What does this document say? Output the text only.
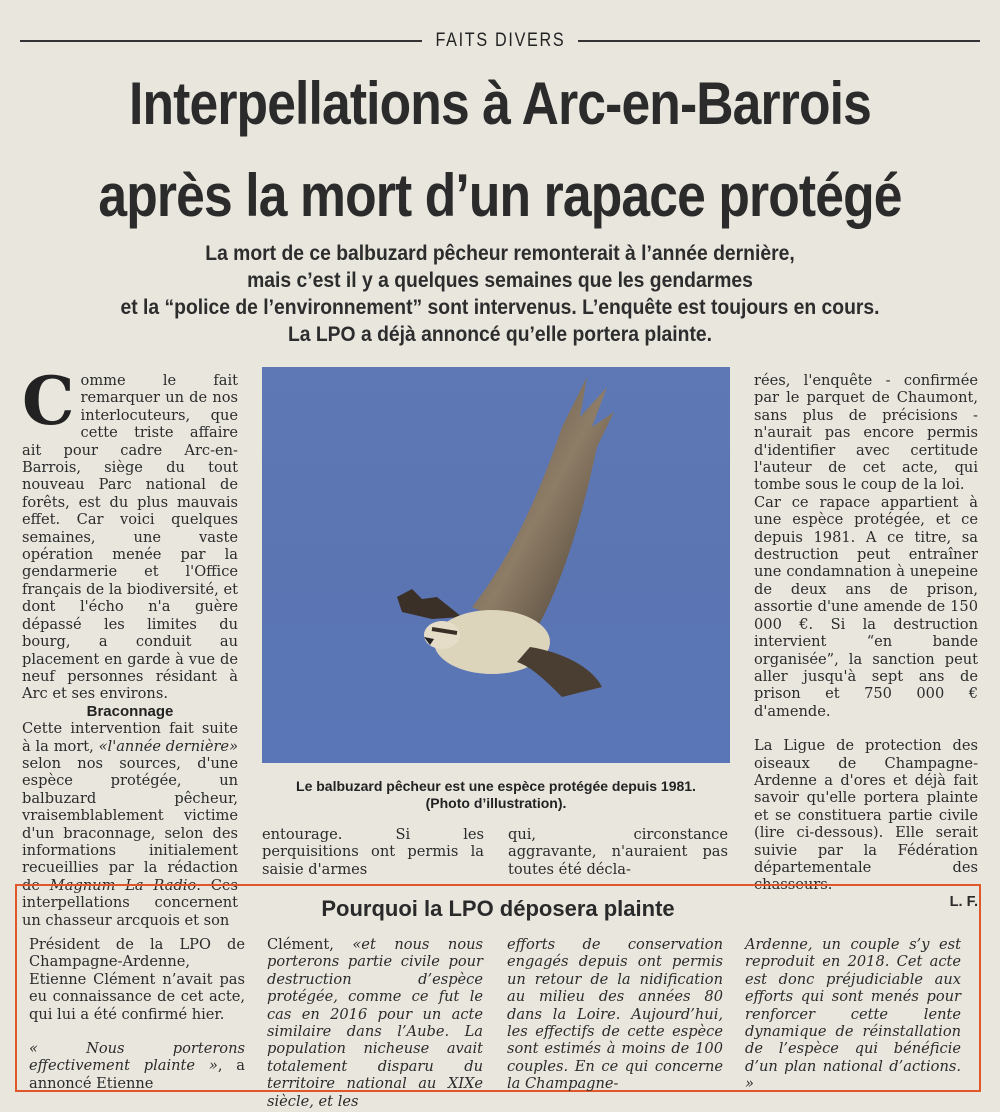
FAITS DIVERS
Interpellations à Arc-en-Barrois
après la mort d’un rapace protégé
La mort de ce balbuzard pêcheur remonterait à l’année dernière,
mais c’est il y a quelques semaines que les gendarmes
et la “police de l’environnement” sont intervenus. L’enquête est toujours en cours.
La LPO a déjà annoncé qu’elle portera plainte.
C omme le fait remarquer un de nos interlocuteurs, que cette triste affaire ait pour cadre Arc-en-Barrois, siège du tout nouveau Parc national de forêts, est du plus mauvais effet. Car voici quelques semaines, une vaste opération menée par la gendarmerie et l'Office français de la biodiversité, et dont l'écho n'a guère dépassé les limites du bourg, a conduit au placement en garde à vue de neuf personnes résidant à Arc et ses environs.

Braconnage

Cette intervention fait suite à la mort, «l'année dernière» selon nos sources, d'une espèce protégée, un balbuzard pêcheur, vraisemblablement victime d'un braconnage, selon des informations initialement recueillies par la rédaction de Magnum La Radio. Ces interpellations concernent un chasseur arcquois et son

Le balbuzard pêcheur est une espèce protégée depuis 1981.
(Photo d’illustration).
entourage. Si les perquisitions ont permis la saisie d'armes
qui, circonstance aggravante, n'auraient pas toutes été décla-

rées, l'enquête - confirmée par le parquet de Chaumont, sans plus de précisions - n'aurait pas encore permis d'identifier avec certitude l'auteur de cet acte, qui tombe sous le coup de la loi.

Car ce rapace appartient à une espèce protégée, et ce depuis 1981. A ce titre, sa destruction peut entraîner une condamnation à unepeine de deux ans de prison, assortie d'une amende de 150 000 €. Si la destruction intervient “en bande organisée”, la sanction peut aller jusqu'à sept ans de prison et 750 000 € d'amende.

La Ligue de protection des oiseaux de Champagne-Ardenne a d'ores et déjà fait savoir qu'elle portera plainte et se constituera partie civile (lire ci-dessous). Elle serait suivie par la Fédération départementale des chasseurs.

L. F.
Pourquoi la LPO déposera plainte

Président de la LPO de Champagne-Ardenne, Etienne Clément n’avait pas eu connaissance de cet acte, qui lui a été confirmé hier.

« Nous porterons effectivement plainte », a annoncé Etienne

Clément, «et nous nous porterons partie civile pour destruction d’espèce protégée, comme ce fut le cas en 2016 pour un acte similaire dans l’Aube. La population nicheuse avait totalement disparu du territoire national au XIXe siècle, et les
efforts de conservation engagés depuis ont permis un retour de la nidification au milieu des années 80 dans la Loire. Aujourd’hui, les effectifs de cette espèce sont estimés à moins de 100 couples. En ce qui concerne la Champagne-
Ardenne, un couple s’y est reproduit en 2018. Cet acte est donc préjudiciable aux efforts qui sont menés pour renforcer cette lente dynamique de réinstallation de l’espèce qui bénéficie d’un plan national d’actions. »
